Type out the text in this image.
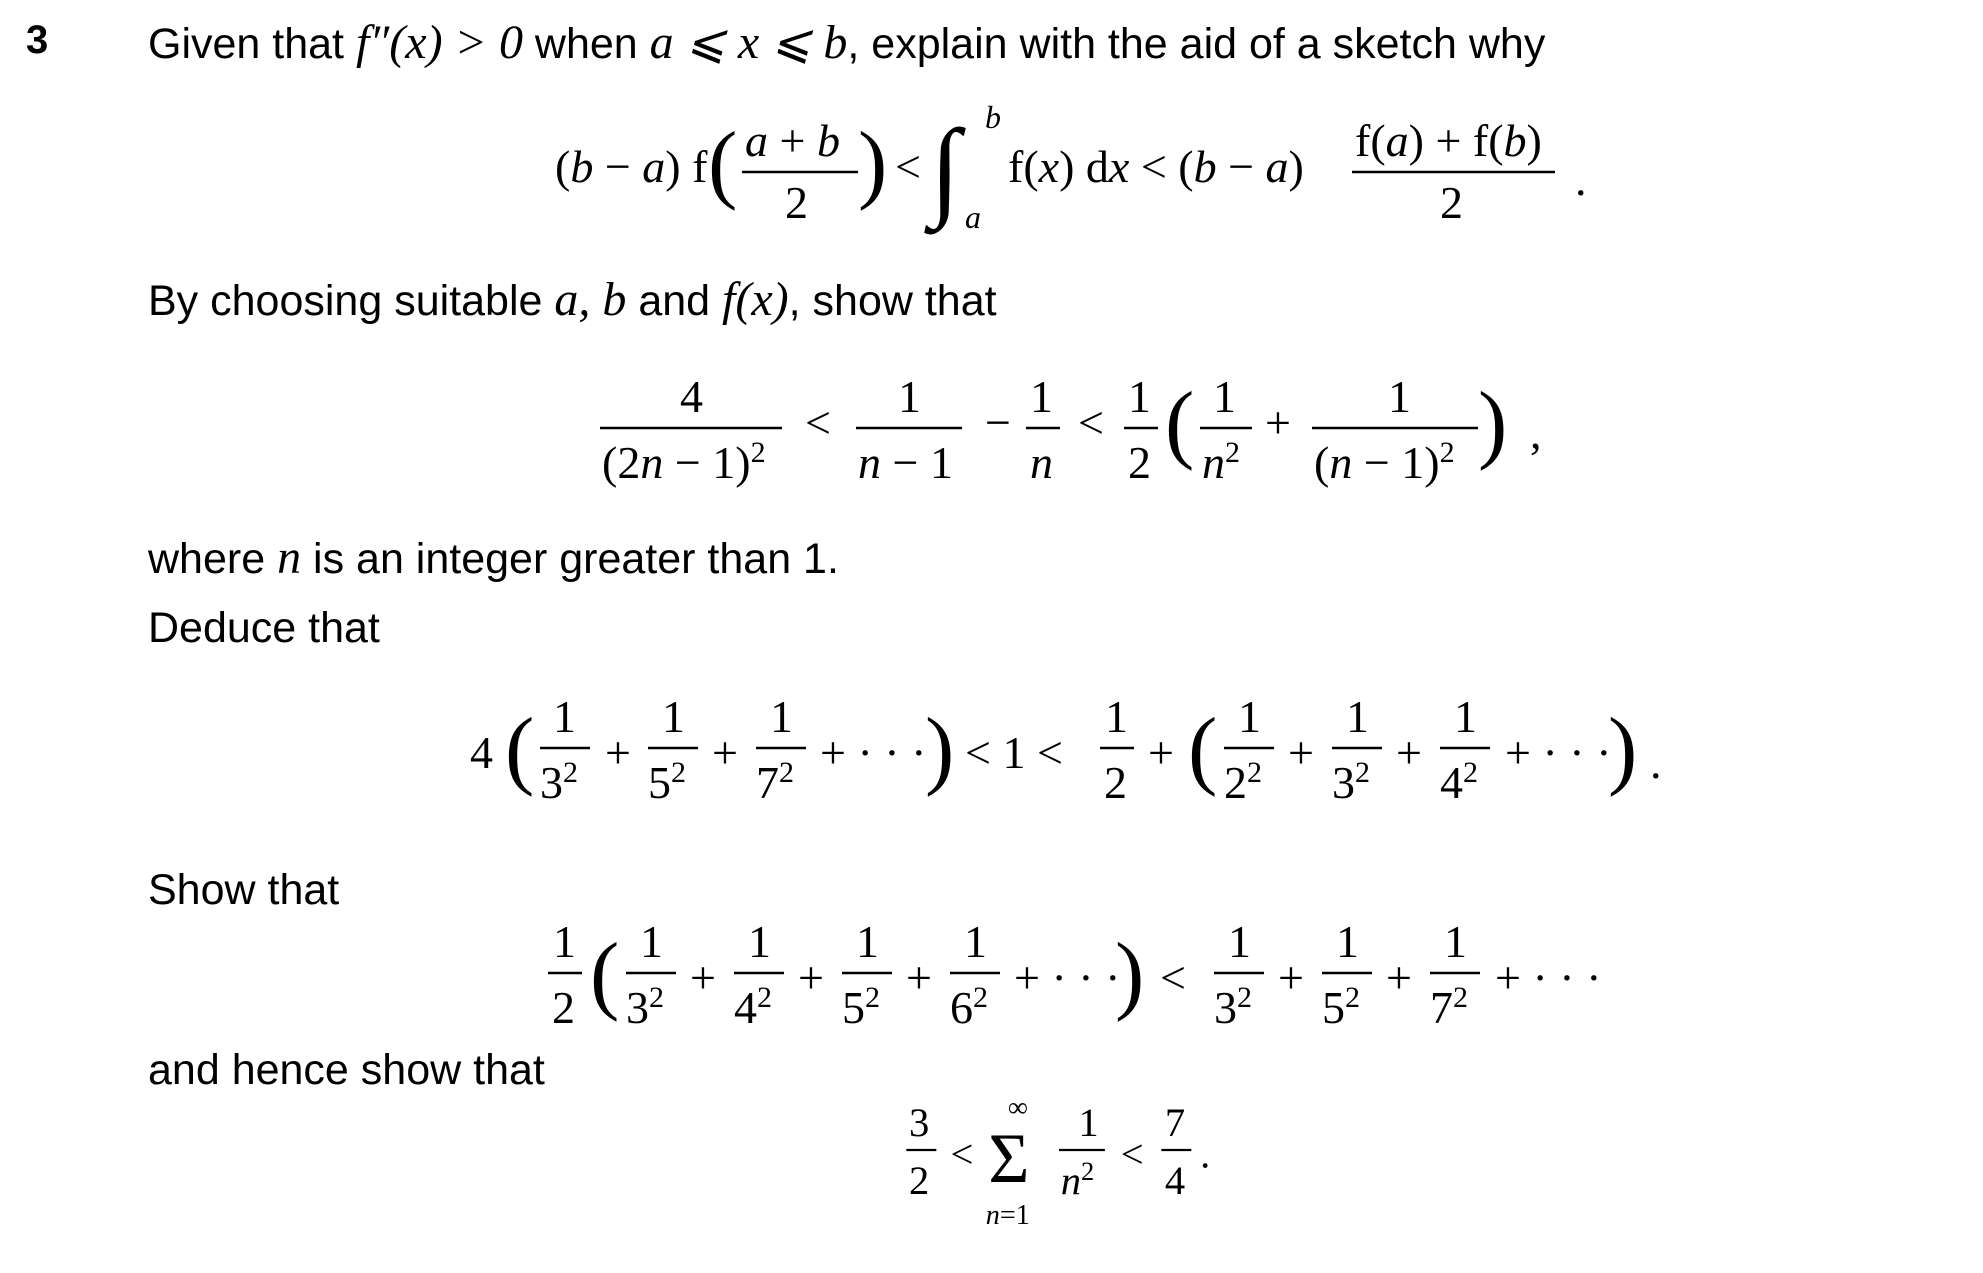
3 Given that f″(x) > 0 when a ⩽ x ⩽ b, explain with the aid of a sketch why
(b − a) f ( a + b
2 ) < ∫ b
a
f(x) dx < (b − a)
f(a) + f(b)
2 .
By choosing suitable a, b and f(x), show that
4
$(2n - 1)^2$
<
1
n − 1
−
1
n
<
1
2 ( 1
$n^2$
+
1
$(n - 1)^2$ ) ,
where n is an integer greater than 1.
Deduce that
4 ( 1
$3^2$ +
1
$5^2$ +
1
$7^2$ + · · ·
) < 1 <
1
2
+ ( 1
$2^2$ +
1
$3^2$ +
1
$4^2$ + · · ·
) .
Show that
1
2 ( 1
$3^2$ +
1
$4^2$ +
1
$5^2$ +
1
$6^2$ + · · ·
) <
1
$3^2$ +
1
$5^2$ +
1
$7^2$ + · · ·
and hence show that
3
2
<
∞
Σ
n=1
1
$n^2$ <
7
4
.
